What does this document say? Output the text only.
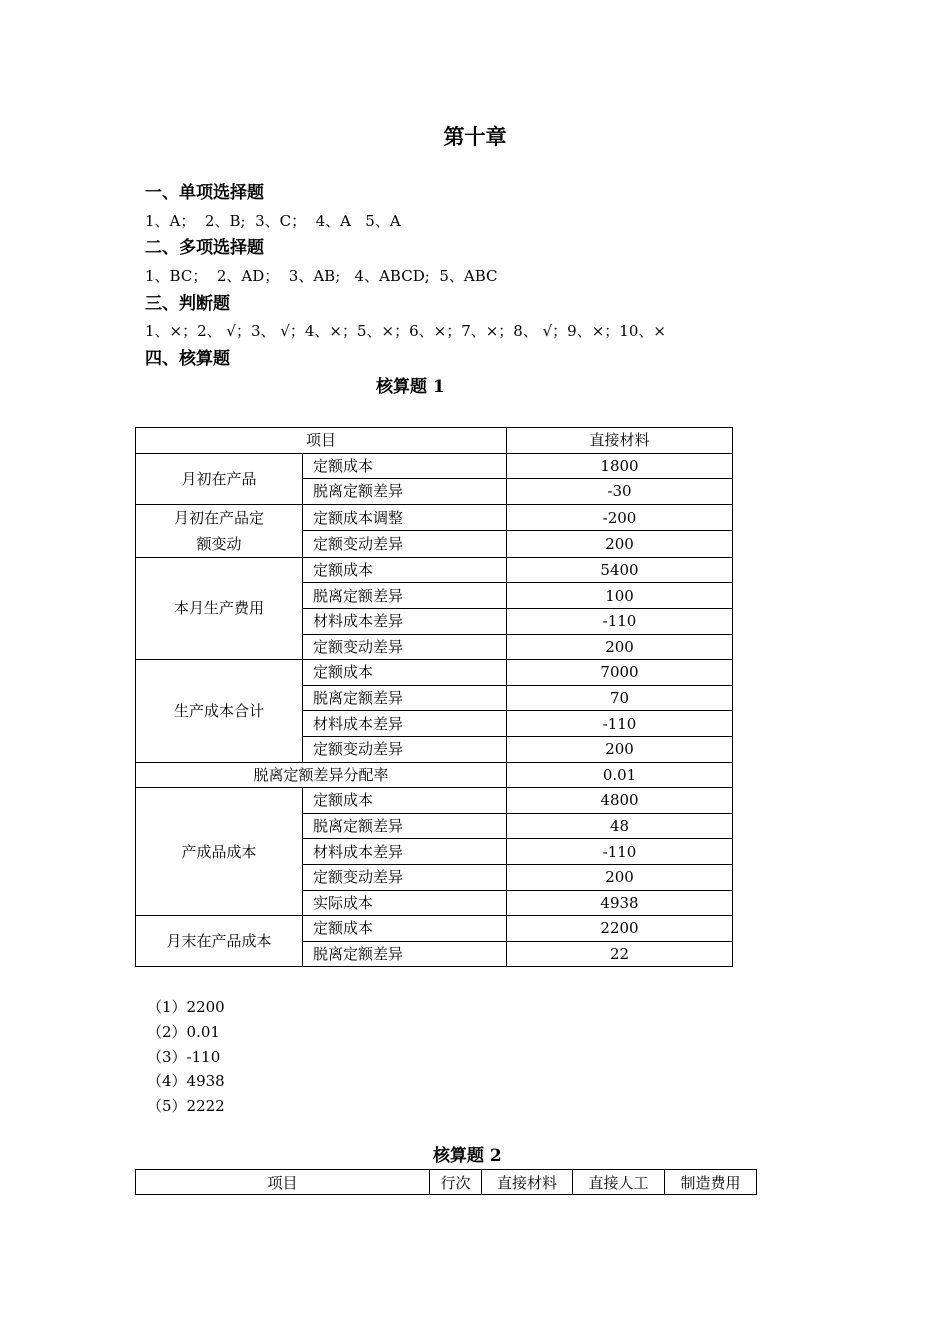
第十章
一、单项选择题
1、A；  2、B;  3、C；  4、A   5、A
二、多项选择题
1、BC；  2、AD；  3、AB;   4、ABCD;  5、ABC
三、判断题
1、×；2、 √；3、 √；4、×；5、×；6、×；7、×；8、 √；9、×；10、×
四、核算题
核算题 1
项目		直接材料
月初在产品	定额成本	1800
	脱离定额差异	-30
月初在产品定额变动	定额成本调整	-200
	定额变动差异	200
本月生产费用	定额成本	5400
	脱离定额差异	100
	材料成本差异	-110
	定额变动差异	200
生产成本合计	定额成本	7000
	脱离定额差异	70
	材料成本差异	-110
	定额变动差异	200
脱离定额差异分配率		0.01
产成品成本	定额成本	4800
	脱离定额差异	48
	材料成本差异	-110
	定额变动差异	200
	实际成本	4938
月末在产品成本	定额成本	2200
	脱离定额差异	22
（1）2200
（2）0.01
（3）-110
（4）4938
（5）2222
核算题 2
项目	行次	直接材料	直接人工	制造费用
